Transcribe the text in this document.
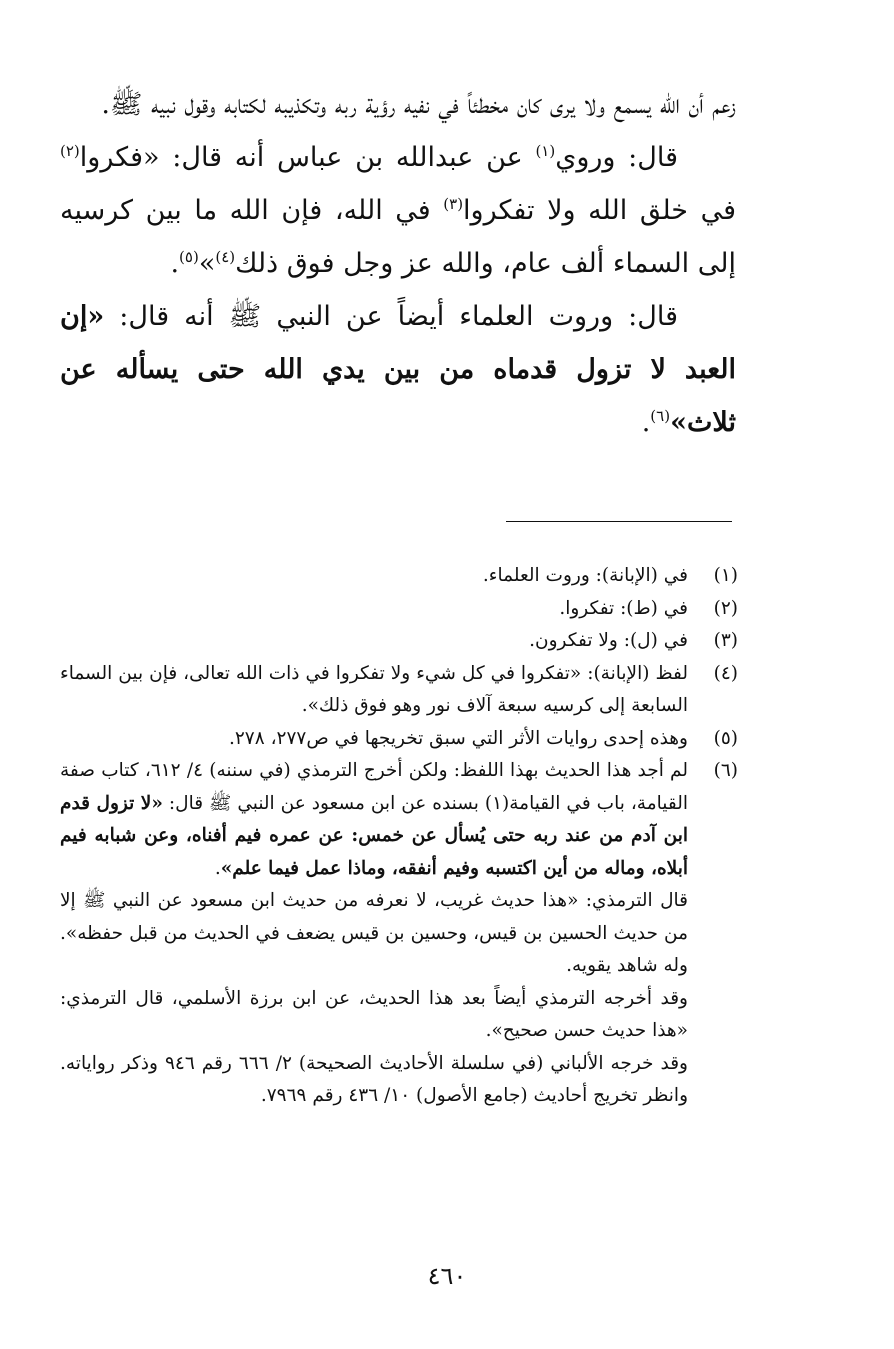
زعم أن الله يسمع ولا يرى كان مخطئاً في نفيه رؤية ربه وتكذيبه لكتابه وقول نبيه ﷺ.

قال: وروي$^{(١)}$ عن عبدالله بن عباس أنه قال: «فكروا$^{(٢)}$ في خلق الله ولا تفكروا$^{(٣)}$ في الله، فإن الله ما بين كرسيه إلى السماء ألف عام، والله عز وجل فوق ذلك$^{(٤)}$»$^{(٥)}$.

قال: وروت العلماء أيضاً عن النبي ﷺ أنه قال: «إن العبد لا تزول قدماه من بين يدي الله حتى يسأله عن ثلاث»$^{(٦)}$.

(١)
في (الإبانة): وروت العلماء.
(٢)
في (ط): تفكروا.
(٣)
في (ل): ولا تفكرون.
(٤)
لفظ (الإبانة): «تفكروا في كل شيء ولا تفكروا في ذات الله تعالى، فإن بين السماء السابعة إلى كرسيه سبعة آلاف نور وهو فوق ذلك».
(٥)
وهذه إحدى روايات الأثر التي سبق تخريجها في ص٢٧٧، ٢٧٨.
(٦)
لم أجد هذا الحديث بهذا اللفظ: ولكن أخرج الترمذي (في سننه) ٤/ ٦١٢، كتاب صفة القيامة، باب في القيامة(١) بسنده عن ابن مسعود عن النبي ﷺ قال: «لا تزول قدم ابن آدم من عند ربه حتى يُسأل عن خمس: عن عمره فيم أفناه، وعن شبابه فيم أبلاه، وماله من أين اكتسبه وفيم أنفقه، وماذا عمل فيما علم».
قال الترمذي: «هذا حديث غريب، لا نعرفه من حديث ابن مسعود عن النبي ﷺ إلا من حديث الحسين بن قيس، وحسين بن قيس يضعف في الحديث من قبل حفظه». وله شاهد يقويه.
وقد أخرجه الترمذي أيضاً بعد هذا الحديث، عن ابن برزة الأسلمي، قال الترمذي: «هذا حديث حسن صحيح».
وقد خرجه الألباني (في سلسلة الأحاديث الصحيحة) ٢/ ٦٦٦ رقم ٩٤٦ وذكر رواياته. وانظر تخريج أحاديث (جامع الأصول) ١٠/ ٤٣٦ رقم ٧٩٦٩.
٤٦٠
